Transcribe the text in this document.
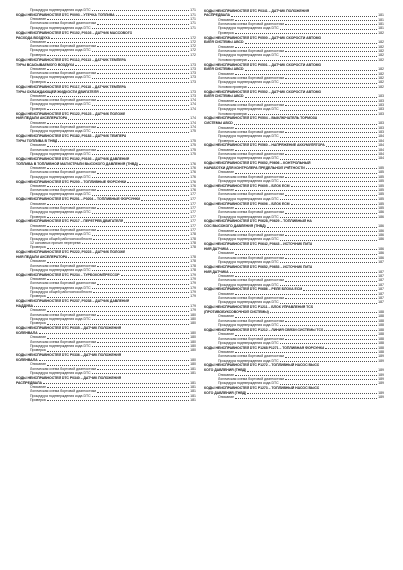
Процедура подтверждения кода DTC	171
КОДЫ НЕИСПРАВНОСТЕЙ DTC P0093 – УТЕЧКА ТОПЛИВА	171
Описание	171
Логическая схема бортовой диагностики	171
Процедура подтверждения кода DTC	171
КОДЫ НЕИСПРАВНОСТЕЙ DTC P0102, P0103 – ДАТЧИК МАССОВОГО
РАСХОДА ВОЗДУХА	172
Описание	172
Логическая схема бортовой диагностики	172
Процедура подтверждения кода DTC	172
Проверка	172
КОДЫ НЕИСПРАВНОСТЕЙ DTC P0112, P0113 – ДАТЧИК ТЕМПЕРА
ТУРЫ ВСАСЫВАЕМОГО ВОЗДУХА	173
Описание	173
Логическая схема бортовой диагностики	173
Процедура подтверждения кода DTC	173
Проверка	173
КОДЫ НЕИСПРАВНОСТЕЙ DTC P0117, P0118 – ДАТЧИК ТЕМПЕРА
ТУРЫ ОХЛАЖДАЮЩЕЙ ЖИДКОСТИ ДВИГАТЕЛЯ	173
Описание	173
Логическая схема бортовой диагностики	174
Процедура подтверждения кода DTC	174
Проверка	174
КОДЫ НЕИСПРАВНОСТЕЙ DTC P0122, P0123 – ДАТЧИК ПОЛОЖЕ
НИЯ ПЕДАЛИ АКСЕЛЕРАТОРА	174
Описание	174
Логическая схема бортовой диагностики	174
Процедура подтверждения кода DTC	175
КОДЫ НЕИСПРАВНОСТЕЙ DTC P0182, P0183 – ДАТЧИК ТЕМПЕРА
ТУРЫ ТОПЛИВА В ТНВД	175
Описание	175
Логическая схема бортовой диагностики	175
Процедура подтверждения кода DTC	175
КОДЫ НЕИСПРАВНОСТЕЙ DTC P0192, P0193 – ДАТЧИК ДАВЛЕНИЯ
ТОПЛИВА В ТОПЛИВНОЙ МАГИСТРАЛИ ВЫСОКОГО ДАВЛЕНИЯ (ТНВД)	176
Описание	176
Логическая схема бортовой диагностики	176
Процедура подтверждения кода DTC	176
КОДЫ НЕИСПРАВНОСТЕЙ DTC P0200 – ТОПЛИВНЫЕ ФОРСУНКИ	176
Описание	176
Логическая схема бортовой диагностики	176
Процедура подтверждения кода DTC	177
КОДЫ НЕИСПРАВНОСТЕЙ DTC P0201 – P0204 – ТОПЛИВНЫЕ ФОРСУНКИ	177
Описание	177
Логическая схема бортовой диагностики	177
Процедура подтверждения кода DTC	177
Проверка	177
КОДЫ НЕИСПРАВНОСТЕЙ DTC P0217 – ПЕРЕГРЕВ ДВИГАТЕЛЯ	177
Описание	177
Логическая схема бортовой диагностики	177
Процедура подтверждения кода DTC	178
Процедура общей работоспособности	178
12 основных причин перегрева	178
Проверка	178
КОДЫ НЕИСПРАВНОСТЕЙ DTC P0222, P0223 – ДАТЧИК ПОЛОЖЕ
НИЯ ПЕДАЛИ АКСЕЛЕРАТОРА	178
Описание	178
Логическая схема бортовой диагностики	178
Процедура подтверждения кода DTC	178
КОДЫ НЕИСПРАВНОСТЕЙ DTC P0234 – ТУРБОКОМПРЕССОР	179
Описание	179
Логическая схема бортовой диагностики	179
Процедура подтверждения кода DTC	179
Процедура общей работоспособности	179
Проверка	179
КОДЫ НЕИСПРАВНОСТЕЙ DTC P0237, P0238 – ДАТЧИК ДАВЛЕНИЯ
НАДДУВА	179
Описание	179
Логическая схема бортовой диагностики	180
Процедура подтверждения кода DTC	180
Проверка	180
КОДЫ НЕИСПРАВНОСТЕЙ DTC P0335 – ДАТЧИК ПОЛОЖЕНИЯ
КОЛЕНВАЛА	180
Описание	180
Логическая схема бортовой диагностики	180
Процедура подтверждения кода DTC	180
Проверка	180
КОДЫ НЕИСПРАВНОСТЕЙ DTC P0336 – ДАТЧИК ПОЛОЖЕНИЯ
КОЛЕНВАЛА	180
Описание	180
Логическая схема бортовой диагностики	181
Процедура подтверждения кода DTC	181
КОДЫ НЕИСПРАВНОСТЕЙ DTC P0340 – ДАТЧИК ПОЛОЖЕНИЯ
РАСПРЕДВАЛА	181
Описание	181
Логическая схема бортовой диагностики	181
Процедура подтверждения кода DTC	181
Проверка	181
КОДЫ НЕИСПРАВНОСТЕЙ DTC P0341 – ДАТЧИК ПОЛОЖЕНИЯ
РАСПРЕДВАЛА	181
Описание	181
Логическая схема бортовой диагностики	181
Процедура подтверждения кода DTC	181
Проверка	182
КОДЫ НЕИСПРАВНОСТЕЙ DTC P0500 – ДАТЧИК СКОРОСТИ АВТОМО
БИЛЯ СИСТЕМЫ ABCD	182
Описание	182
Логическая схема бортовой диагностики	182
Процедура подтверждения кода DTC	182
Условия проверки	182
КОДЫ НЕИСПРАВНОСТЕЙ DTC P0501 – ДАТЧИК СКОРОСТИ АВТОМО
БИЛЯ СИСТЕМЫ ABCD	182
Описание	182
Логическая схема бортовой диагностики	182
Процедура подтверждения кода DTC	182
Условия проверки	182
КОДЫ НЕИСПРАВНОСТЕЙ DTC P0502 – ДАТЧИК СКОРОСТИ АВТОМО
БИЛЯ СИСТЕМЫ ABCD	183
Описание	183
Логическая схема бортовой диагностики	183
Процедура подтверждения кода DTC	183
Условия проверки	183
КОДЫ НЕИСПРАВНОСТЕЙ DTC P0504 – ВЫКЛЮЧАТЕЛЬ ТОРМОЗА
СИСТЕМЫ ABCD	183
Описание	183
Логическая схема бортовой диагностики	183
Процедура подтверждения кода DTC	184
Проверка	184
КОДЫ НЕИСПРАВНОСТЕЙ DTC P0560 – НАПРЯЖЕНИЕ АККУМУЛЯТОРА	184
Описание	184
Логическая схема бортовой диагностики	184
Процедура подтверждения кода DTC	184
КОДЫ НЕИСПРАВНОСТЕЙ DTC P0602, P0606 – КОНТРОЛЬНЫЙ
НАРАБОТКИ ДЛЯ КОНТРОЛЕРА ПРЕДЕЛЬНОЙ УЧЁТНОСТИ	185
Описание	185
Логическая схема бортовой диагностики	185
Процедура подтверждения кода DTC	185
КОДЫ НЕИСПРАВНОСТЕЙ DTC P0605 – БЛОК ECM	185
Описание	185
Логическая схема бортовой диагностики	185
Процедура подтверждения кода DTC	185
КОДЫ НЕИСПРАВНОСТЕЙ DTC P0606 – БЛОК ECM	185
Описание	185
Логическая схема бортовой диагностики	186
Процедура подтверждения кода DTC	186
КОДЫ НЕИСПРАВНОСТЕЙ DTC P0628, P0629 – ТОПЛИВНЫЙ НА
СОС ВЫСОКОГО ДАВЛЕНИЯ (ТНВД)	186
Описание	186
Логическая схема бортовой диагностики	186
Процедура подтверждения кода DTC	186
КОДЫ НЕИСПРАВНОСТЕЙ DTC P0642, P0643 – ИСТОЧНИК ПИТА
НИЯ ДАТЧИКА	186
Описание	186
Логическая схема бортовой диагностики	186
Процедура подтверждения кода DTC	187
КОДЫ НЕИСПРАВНОСТЕЙ DTC P0652, P0653 – ИСТОЧНИК ПИТА
НИЯ ДАТЧИКА	187
Описание	187
Логическая схема бортовой диагностики	187
Процедура подтверждения кода DTC	187
КОДЫ НЕИСПРАВНОСТЕЙ DTC P0686 – РЕЛЕ БЛОКА ECM	187
Описание	187
Логическая схема бортовой диагностики	187
Процедура подтверждения кода DTC	187
КОДЫ НЕИСПРАВНОСТЕЙ DTC P1211 – БЛОК УПРАВЛЕНИЯ TCS
(ПРОТИВОБУКСОВОЧНОЙ СИСТЕМЫ)	188
Описание	188
Логическая схема бортовой диагностики	188
Процедура подтверждения кода DTC	188
КОДЫ НЕИСПРАВНОСТЕЙ DTC P1212 – ЛИНИЯ СВЯЗИ СИСТЕМЫ TCS	188
Описание	188
Логическая схема бортовой диагностики	188
Процедура подтверждения кода DTC	188
КОДЫ НЕИСПРАВНОСТЕЙ DTC P1268 P1271 – ТОПЛИВНАЯ ФОРСУНКА	188
Описание	188
Логическая схема бортовой диагностики	189
Процедура подтверждения кода DTC	189
КОДЫ НЕИСПРАВНОСТЕЙ DTC P1272 – ТОПЛИВНЫЙ НАСОС ВЫСО
КОГО ДАВЛЕНИЯ (ТНВД)	189
Описание	189
Логическая схема бортовой диагностики	189
Процедура подтверждения кода DTC	189
КОДЫ НЕИСПРАВНОСТЕЙ DTC P1273 – ТОПЛИВНЫЙ НАСОС ВЫСО
КОГО ДАВЛЕНИЯ (ТНВД)	189
Описание	189
